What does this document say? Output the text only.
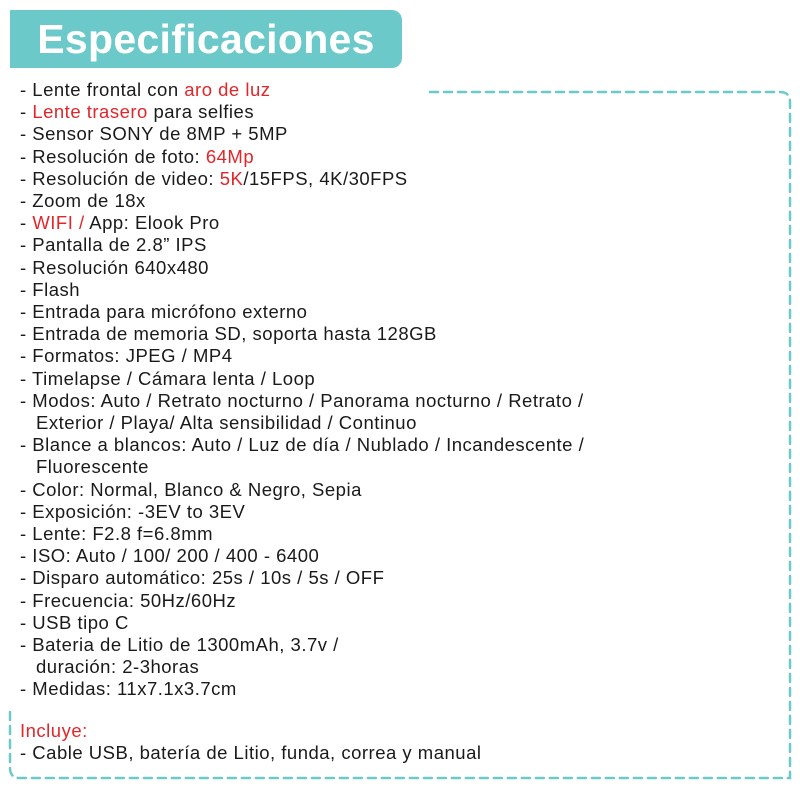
Especificaciones
- Lente frontal con aro de luz
- Lente trasero para selfies
- Sensor SONY de 8MP + 5MP
- Resolución de foto: 64Mp
- Resolución de video: 5K/15FPS, 4K/30FPS
- Zoom de 18x
- WIFI / App: Elook Pro
- Pantalla de 2.8” IPS
- Resolución 640x480
- Flash
- Entrada para micrófono externo
- Entrada de memoria SD, soporta hasta 128GB
- Formatos: JPEG / MP4
- Timelapse / Cámara lenta / Loop
- Modos: Auto / Retrato nocturno / Panorama nocturno / Retrato /
Exterior / Playa/ Alta sensibilidad / Continuo
- Blance a blancos: Auto / Luz de día / Nublado / Incandescente /
Fluorescente
- Color: Normal, Blanco & Negro, Sepia
- Exposición: -3EV to 3EV
- Lente: F2.8 f=6.8mm
- ISO: Auto / 100/ 200 / 400 - 6400
- Disparo automático: 25s / 10s / 5s / OFF
- Frecuencia: 50Hz/60Hz
- USB tipo C
- Bateria de Litio de 1300mAh, 3.7v /
duración: 2-3horas
- Medidas: 11x7.1x3.7cm
Incluye:
- Cable USB, batería de Litio, funda, correa y manual
